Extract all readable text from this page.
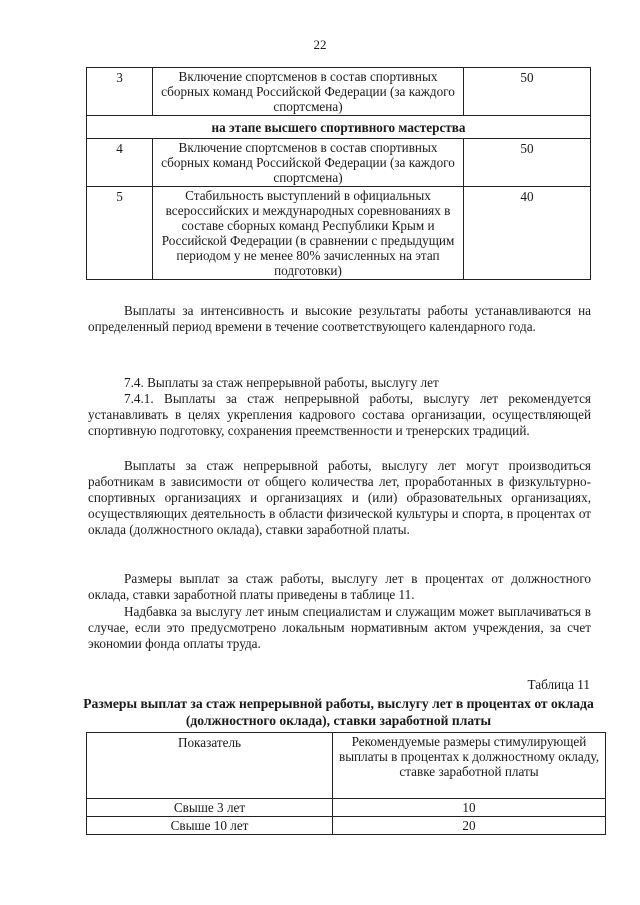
22
3	Включение спортсменов в состав спортивных сборных команд Российской Федерации (за каждого спортсмена)	50
на этапе высшего спортивного мастерства		
4	Включение спортсменов в состав спортивных сборных команд Российской Федерации (за каждого спортсмена)	50
5	Стабильность выступлений в официальных всероссийских и международных соревнованиях в составе сборных команд Республики Крым и Российской Федерации (в сравнении с предыдущим периодом у не менее 80% зачисленных на этап подготовки)	40

Выплаты за интенсивность и высокие результаты работы устанавливаются на определенный период времени в течение соответствующего календарного года.

7.4. Выплаты за стаж непрерывной работы, выслугу лет

7.4.1. Выплаты за стаж непрерывной работы, выслугу лет рекомендуется устанавливать в целях укрепления кадрового состава организации, осуществляющей спортивную подготовку, сохранения преемственности и тренерских традиций.

Выплаты за стаж непрерывной работы, выслугу лет могут производиться работникам в зависимости от общего количества лет, проработанных в физкультурно-спортивных организациях и организациях и (или) образовательных организациях, осуществляющих деятельность в области физической культуры и спорта, в процентах от оклада (должностного оклада), ставки заработной платы.

Размеры выплат за стаж работы, выслугу лет в процентах от должностного оклада, ставки заработной платы приведены в таблице 11.

Надбавка за выслугу лет иным специалистам и служащим может выплачиваться в случае, если это предусмотрено локальным нормативным актом учреждения, за счет экономии фонда оплаты труда.

Таблица 11
Размеры выплат за стаж непрерывной работы, выслугу лет в процентах от оклада (должностного оклада), ставки заработной платы
Показатель	Рекомендуемые размеры стимулирующей выплаты в процентах к должностному окладу, ставке заработной платы
Свыше 3 лет	10
Свыше 10 лет	20
